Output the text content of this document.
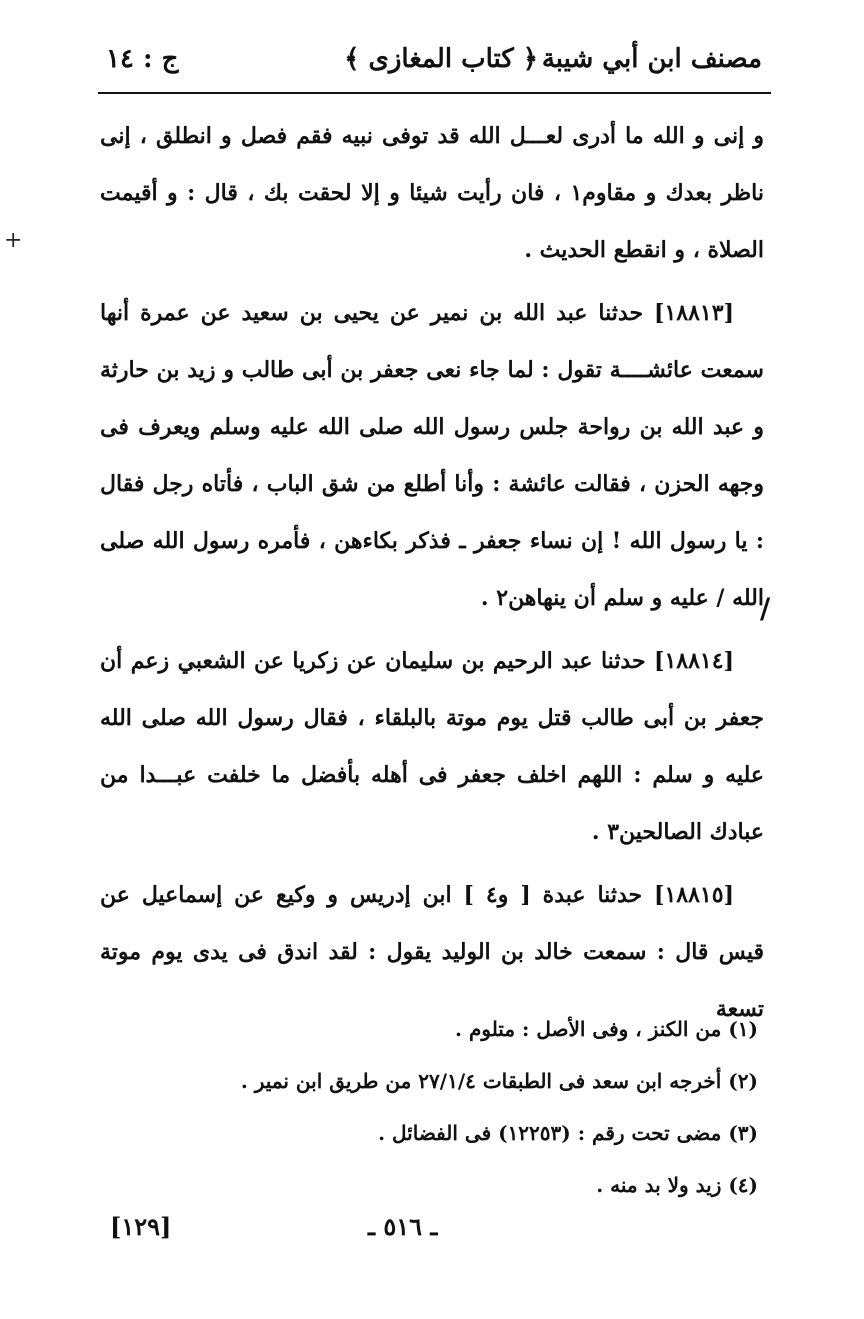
مصنف ابن أبي شيبة
﴿ كتاب المغازى ﴾
ج : ١٤

و إنى و الله ما أدرى لعـــل الله قد توفى نبيه فقم فصل و انطلق ، إنى ناظر بعدك و مقاوم١ ، فان رأيت شيئا و إلا لحقت بك ، قال : و أقيمت الصلاة ، و انقطع الحديث .

[١٨٨١٣] حدثنا عبد الله بن نمير عن يحيى بن سعيد عن عمرة أنها سمعت عائشــــة تقول : لما جاء نعى جعفر بن أبى طالب و زيد بن حارثة و عبد الله بن رواحة جلس رسول الله صلى الله عليه وسلم ويعرف فى وجهه الحزن ، فقالت عائشة : وأنا أطلع من شق الباب ، فأتاه رجل فقال : يا رسول الله ! إن نساء جعفر ـ فذكر بكاءهن ، فأمره رسول الله صلى الله / عليه و سلم أن ينهاهن٢ .

[١٨٨١٤] حدثنا عبد الرحيم بن سليمان عن زكريا عن الشعبي زعم أن جعفر بن أبى طالب قتل يوم موتة بالبلقاء ، فقال رسول الله صلى الله عليه و سلم : اللهم اخلف جعفر فى أهله بأفضل ما خلفت عبـــدا من عبادك الصالحين٣ .

[١٨٨١٥] حدثنا عبدة [ و٤ ] ابن إدريس و وكيع عن إسماعيل عن قيس قال : سمعت خالد بن الوليد يقول : لقد اندق فى يدى يوم موتة تسعة

/

(١) من الكنز ، وفى الأصل : متلوم .

(٢) أخرجه ابن سعد فى الطبقات ٢٧/١/٤ من طريق ابن نمير .

(٣) مضى تحت رقم : (١٢٢٥٣) فى الفضائل .

(٤) زيد ولا بد منه .

[١٢٩]	ـ ٥١٦ ـ
+
